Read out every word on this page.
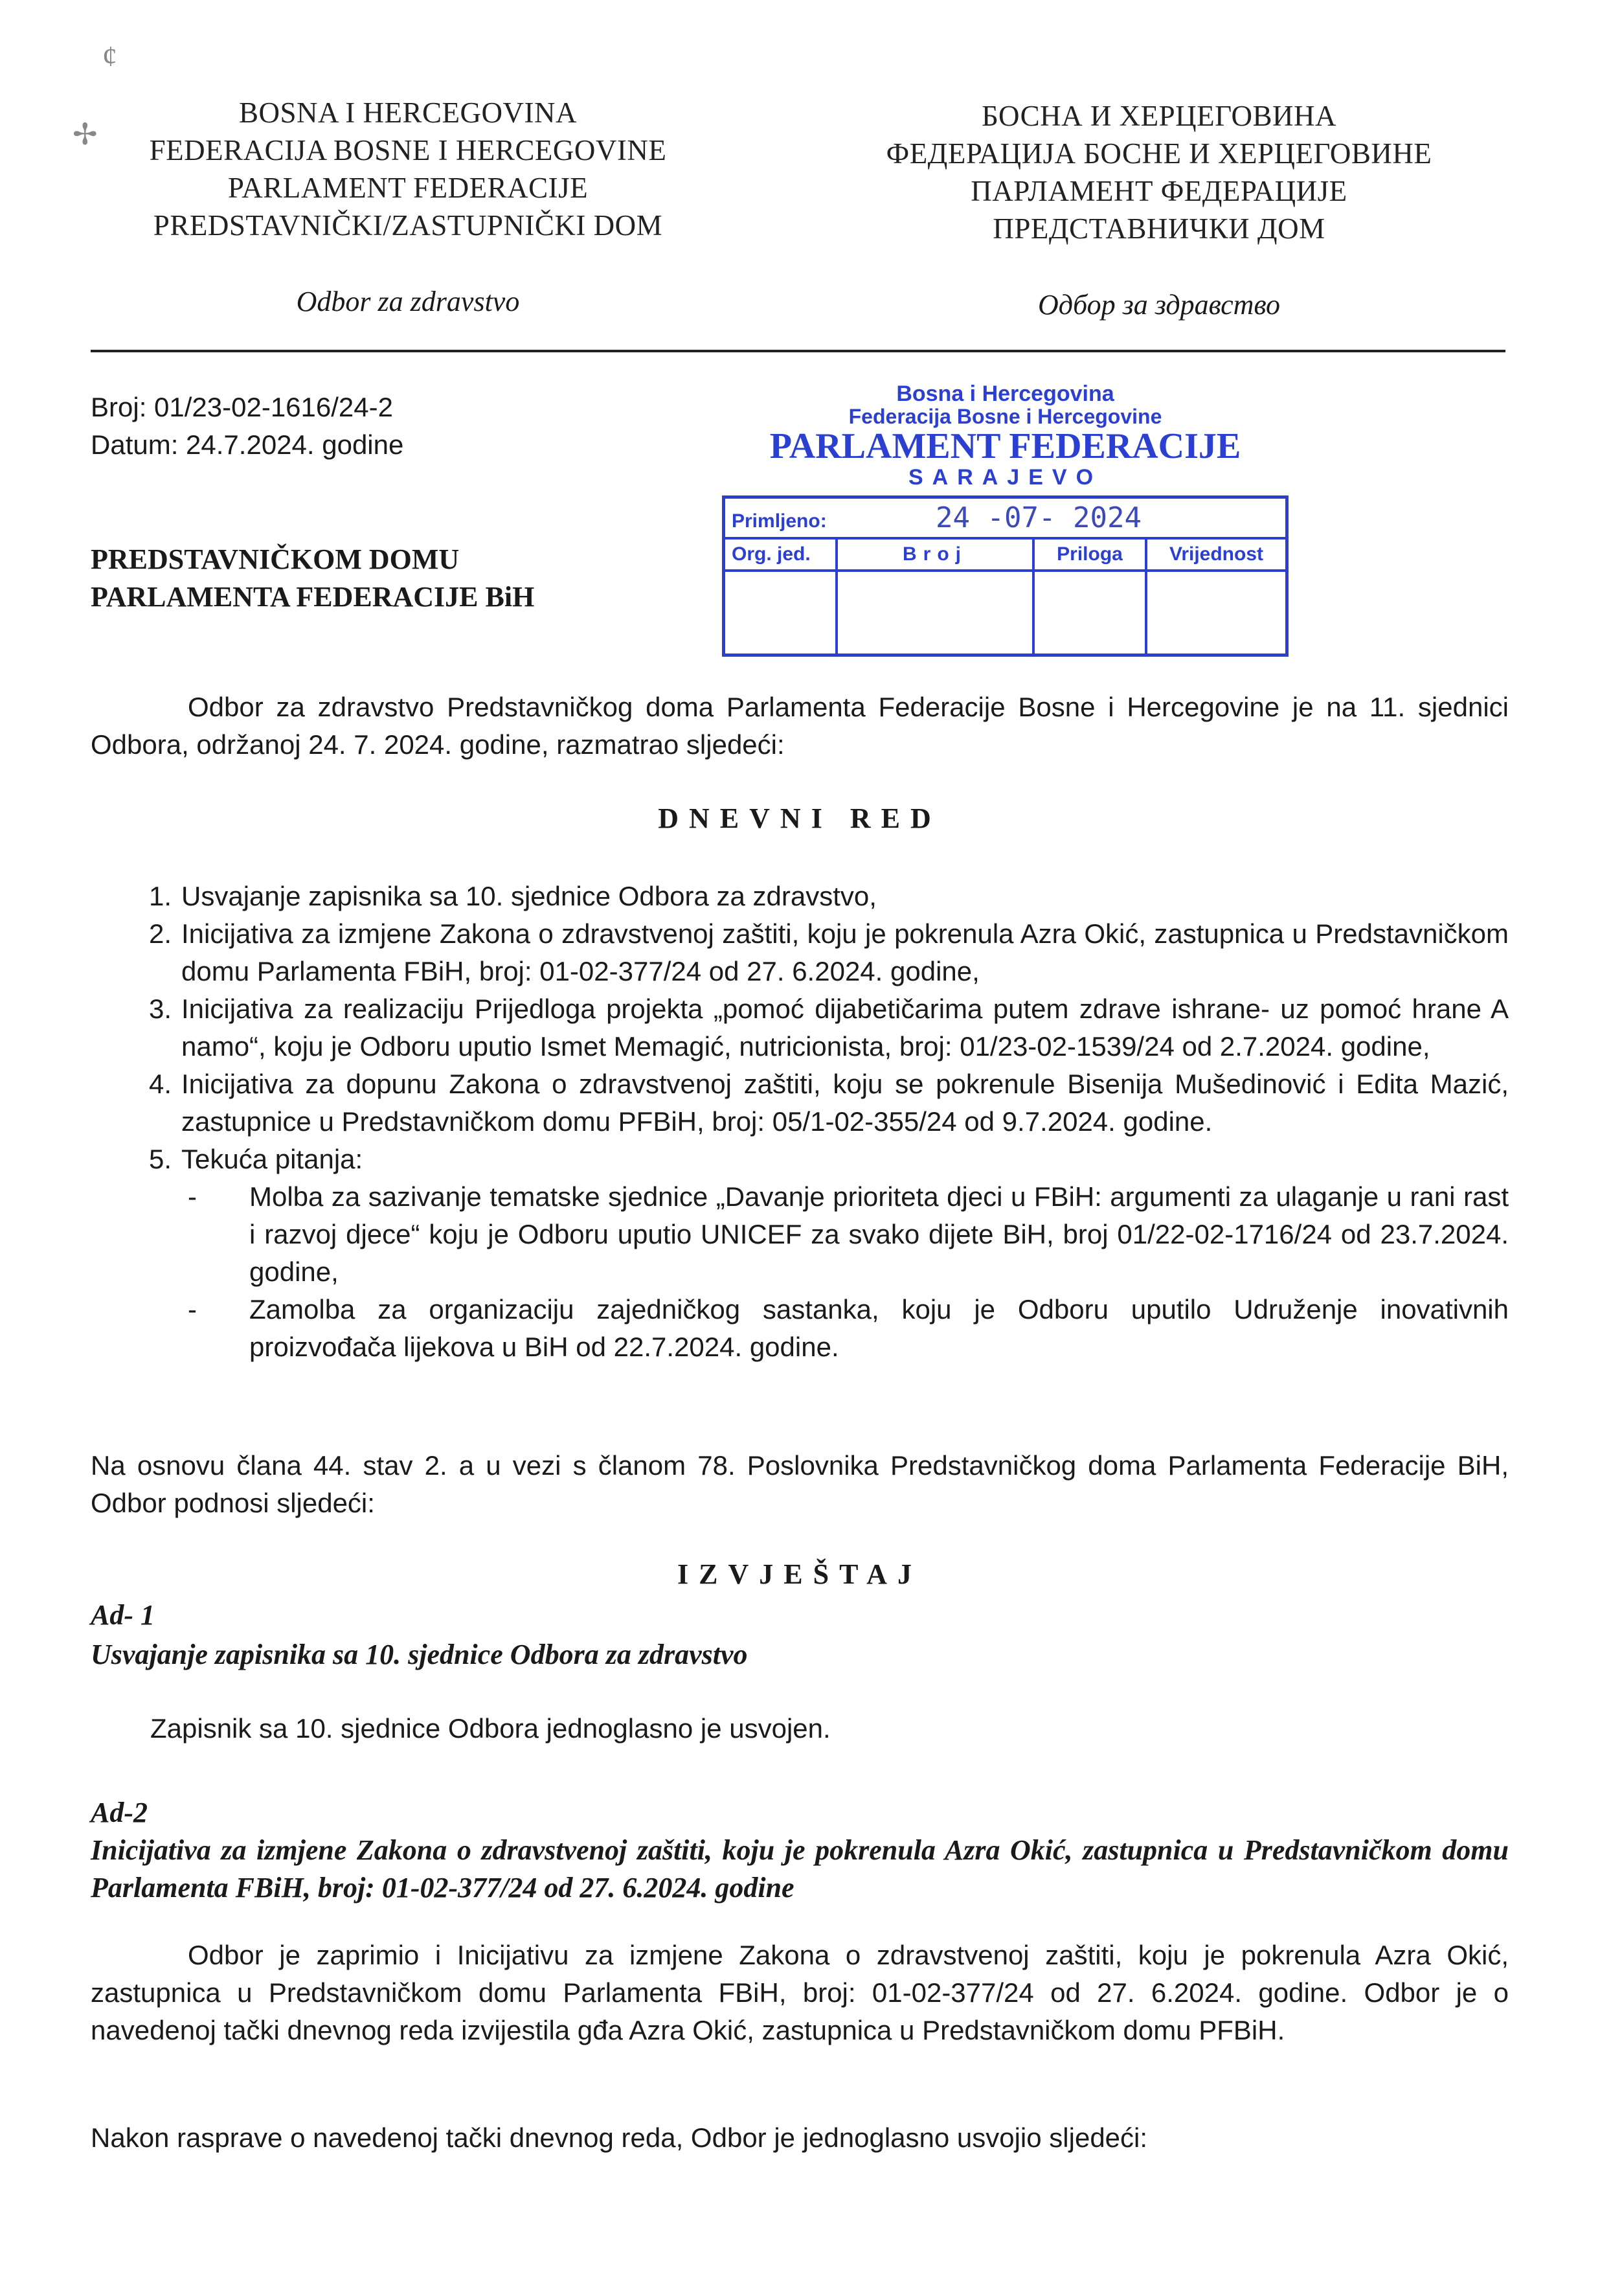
¢
✢
BOSNA I HERCEGOVINA
FEDERACIJA BOSNE I HERCEGOVINE
PARLAMENT FEDERACIJE
PREDSTAVNIČKI/ZASTUPNIČKI DOM
Odbor za zdravstvo
БОСНА И ХЕРЦЕГОВИНА
ФЕДЕРАЦИЈА БОСНЕ И ХЕРЦЕГОВИНЕ
ПАРЛАМЕНТ ФЕДЕРАЦИЈЕ
ПРЕДСТАВНИЧКИ ДОМ
Одбор за здравство
Broj: 01/23-02-1616/24-2
Datum: 24.7.2024. godine
PREDSTAVNIČKOM DOMU
PARLAMENTA FEDERACIJE BiH
Bosna i Hercegovina
Federacija Bosne i Hercegovine
PARLAMENT FEDERACIJE
SARAJEVO
Primljeno: 24 -07- 2024			
Org. jed.	Broj	Priloga	Vrijednost

Odbor za zdravstvo Predstavničkog doma Parlamenta Federacije Bosne i Hercegovine je na 11. sjednici Odbora, održanoj 24. 7. 2024. godine, razmatrao sljedeći:
DNEVNI RED
1. Usvajanje zapisnika sa 10. sjednice Odbora za zdravstvo,
2. Inicijativa za izmjene Zakona o zdravstvenoj zaštiti, koju je pokrenula Azra Okić, zastupnica u Predstavničkom domu Parlamenta FBiH, broj: 01-02-377/24 od 27. 6.2024. godine,
3. Inicijativa za realizaciju Prijedloga projekta „pomoć dijabetičarima putem zdrave ishrane- uz pomoć hrane A namo“, koju je Odboru uputio Ismet Memagić, nutricionista, broj: 01/23-02-1539/24 od 2.7.2024. godine,
4. Inicijativa za dopunu Zakona o zdravstvenoj zaštiti, koju se pokrenule Bisenija Mušedinović i Edita Mazić, zastupnice u Predstavničkom domu PFBiH, broj: 05/1-02-355/24 od 9.7.2024. godine.
5. Tekuća pitanja:
- Molba za sazivanje tematske sjednice „Davanje prioriteta djeci u FBiH: argumenti za ulaganje u rani rast i razvoj djece“ koju je Odboru uputio UNICEF za svako dijete BiH, broj 01/22-02-1716/24 od 23.7.2024. godine,
- Zamolba za organizaciju zajedničkog sastanka, koju je Odboru uputilo Udruženje inovativnih proizvođača lijekova u BiH od 22.7.2024. godine.
Na osnovu člana 44. stav 2. a u vezi s članom 78. Poslovnika Predstavničkog doma Parlamenta Federacije BiH, Odbor podnosi sljedeći:
IZVJEŠTAJ
Ad- 1
Usvajanje zapisnika sa 10. sjednice Odbora za zdravstvo
Zapisnik sa 10. sjednice Odbora jednoglasno je usvojen.
Ad-2
Inicijativa za izmjene Zakona o zdravstvenoj zaštiti, koju je pokrenula Azra Okić, zastupnica u Predstavničkom domu Parlamenta FBiH, broj: 01-02-377/24 od 27. 6.2024. godine
Odbor je zaprimio i Inicijativu za izmjene Zakona o zdravstvenoj zaštiti, koju je pokrenula Azra Okić, zastupnica u Predstavničkom domu Parlamenta FBiH, broj: 01-02-377/24 od 27. 6.2024. godine. Odbor je o navedenoj tački dnevnog reda izvijestila gđa Azra Okić, zastupnica u Predstavničkom domu PFBiH.
Nakon rasprave o navedenoj tački dnevnog reda, Odbor je jednoglasno usvojio sljedeći:
